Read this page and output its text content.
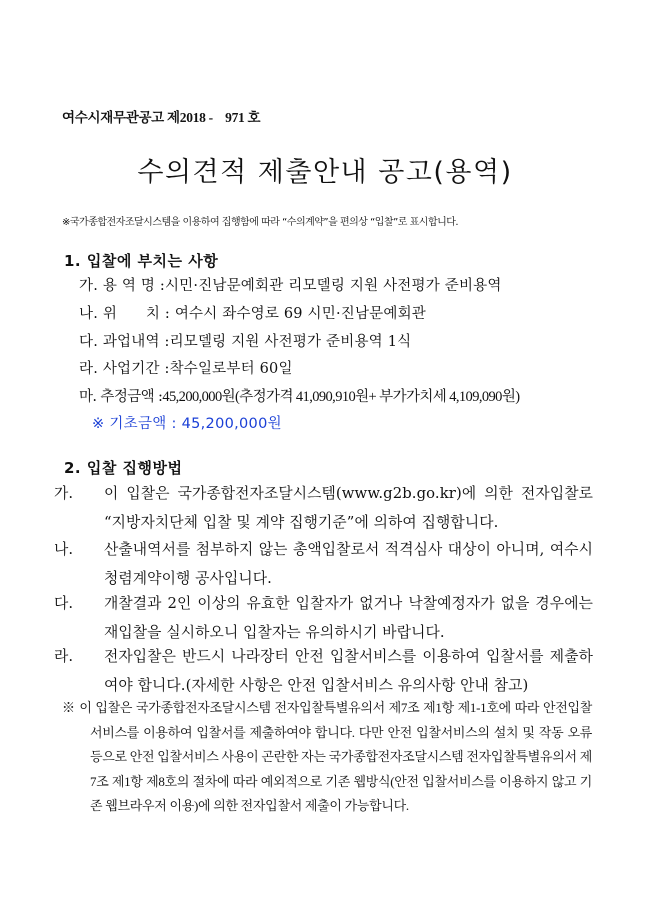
여수시재무관공고 제2018 -    971 호
수의견적 제출안내 공고(용역)
※국가종합전자조달시스템을 이용하여 집행함에 따라 “수의계약”을 편의상 “입찰”로 표시합니다.
1. 입찰에 부치는 사항
가. 용 역 명 :시민·진남문예회관 리모델링 지원 사전평가 준비용역
나. 위      치 : 여수시 좌수영로 69 시민·진남문예회관
다. 과업내역 :리모델링 지원 사전평가 준비용역 1식
라. 사업기간 :착수일로부터 60일
마. 추정금액 :45,200,000원(추정가격 41,090,910원+ 부가가치세 4,109,090원)
※ 기초금액 : 45,200,000원
2. 입찰 집행방법
가. 이 입찰은 국가종합전자조달시스템(www.g2b.go.kr)에 의한 전자입찰로 “지방자치단체 입찰 및 계약 집행기준”에 의하여 집행합니다.
나. 산출내역서를 첨부하지 않는 총액입찰로서 적격심사 대상이 아니며, 여수시청렴계약이행 공사입니다.
다. 개찰결과 2인 이상의 유효한 입찰자가 없거나 낙찰예정자가 없을 경우에는 재입찰을 실시하오니 입찰자는 유의하시기 바랍니다.
라. 전자입찰은 반드시 나라장터 안전 입찰서비스를 이용하여 입찰서를 제출하여야 합니다.(자세한 사항은 안전 입찰서비스 유의사항 안내 참고)
※ 이 입찰은 국가종합전자조달시스템 전자입찰특별유의서 제7조 제1항 제1-1호에 따라 안전입찰서비스를 이용하여 입찰서를 제출하여야 합니다. 다만 안전 입찰서비스의 설치 및 작동 오류 등으로 안전 입찰서비스 사용이 곤란한 자는 국가종합전자조달시스템 전자입찰특별유의서 제7조 제1항 제8호의 절차에 따라 예외적으로 기존 웹방식(안전 입찰서비스를 이용하지 않고 기존 웹브라우저 이용)에 의한 전자입찰서 제출이 가능합니다.
